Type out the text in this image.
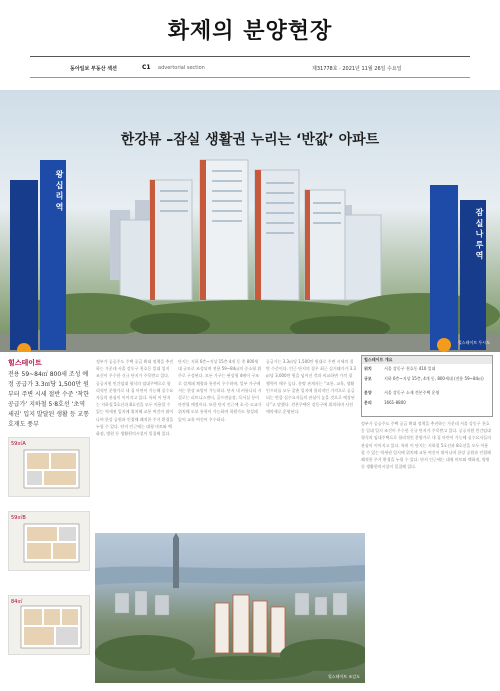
화제의 분양현장
동아일보 부동산 섹션	C1 advertorial section	제31778호 · 2021년 11월 26일 수요일
왕 십 리 역
잠 실 나 루 역
한강뷰 –잠실 생활권 누리는 ‘반값’ 아파트
힐스테이트 투시도
힐스테이트
전용 59~84㎡ 800세 조성 예정 공급가 3.3㎡당 1,500만 원부터 주변 시세 절반 수준 ‘착한 공급가’ 지하철 5·8호선 ‘초역세권’ 입지 발달된 생활 등 교통호재도 풍부
59㎡A
59㎡B
84㎡
정부가 공공주도 주택 공급 확대 정책을 추진하는 가운데 서울 강동구 천호동 일대 입지 조건이 우수한 신규 단지가 주목받고 있다. 공공지원 민간임대 형식의 임대주택으로 합리적인 분양가로 내 집 마련이 가능해 실수요자들의 관심이 이어지고 있다. 특히 이 단지는 지하철 5호선과 8호선을 모두 이용할 수 있는 역세권 입지에 위치해 교통 여건이 뛰어나며 한강 공원과 인접해 쾌적한 주거 환경을 누릴 수 있다. 단지 인근에는 대형 마트와 백화점, 병원 등 생활편의시설이 밀집해 있다.
단지는 지하 6층~지상 15층 4개 동 총 800세대 규모로 조성되며 전용 59~84㎡의 중소형 위주로 구성된다. 모든 가구는 판상형 4베이 구조로 설계돼 채광과 통풍이 우수하며, 일부 가구에서는 한강 조망이 가능하다. 단지 내 커뮤니티 시설로는 피트니스센터, 골프연습장, 독서실 등이 마련될 예정이다. 또한 단지 인근에 초·중·고교가 위치해 도보 통학이 가능하며 학원가도 형성돼 있어 교육 여건이 우수하다.
공급가는 3.3㎡당 1,500만 원대로 주변 시세의 절반 수준이다. 인근 단지의 경우 최근 실거래가가 3.3㎡당 3,000만 원을 넘어선 것과 비교하면 가격 경쟁력이 매우 높다. 분양 관계자는 “교통, 교육, 생활 인프라를 모두 갖춘 입지에 합리적인 가격으로 공급되는 만큼 실수요자들의 관심이 높을 것으로 예상된다”고 말했다. 견본주택은 강동구에 위치하며 사전 예약제로 운영된다.
힐스테이트 개요
위치	서울 강동구 천호동 410 일대
규모	지하 6층~지상 15층, 4개 동, 800세대 (전용 59~84㎡)
분양	서울 강동구 소재 견본주택 운영
문의	1661-8800
정부가 공공주도 주택 공급 확대 정책을 추진하는 가운데 서울 강동구 천호동 일대 입지 조건이 우수한 신규 단지가 주목받고 있다. 공공지원 민간임대 형식의 임대주택으로 합리적인 분양가로 내 집 마련이 가능해 실수요자들의 관심이 이어지고 있다. 특히 이 단지는 지하철 5호선과 8호선을 모두 이용할 수 있는 역세권 입지에 위치해 교통 여건이 뛰어나며 한강 공원과 인접해 쾌적한 주거 환경을 누릴 수 있다. 단지 인근에는 대형 마트와 백화점, 병원 등 생활편의시설이 밀집해 있다.
힐스테이트 조감도
